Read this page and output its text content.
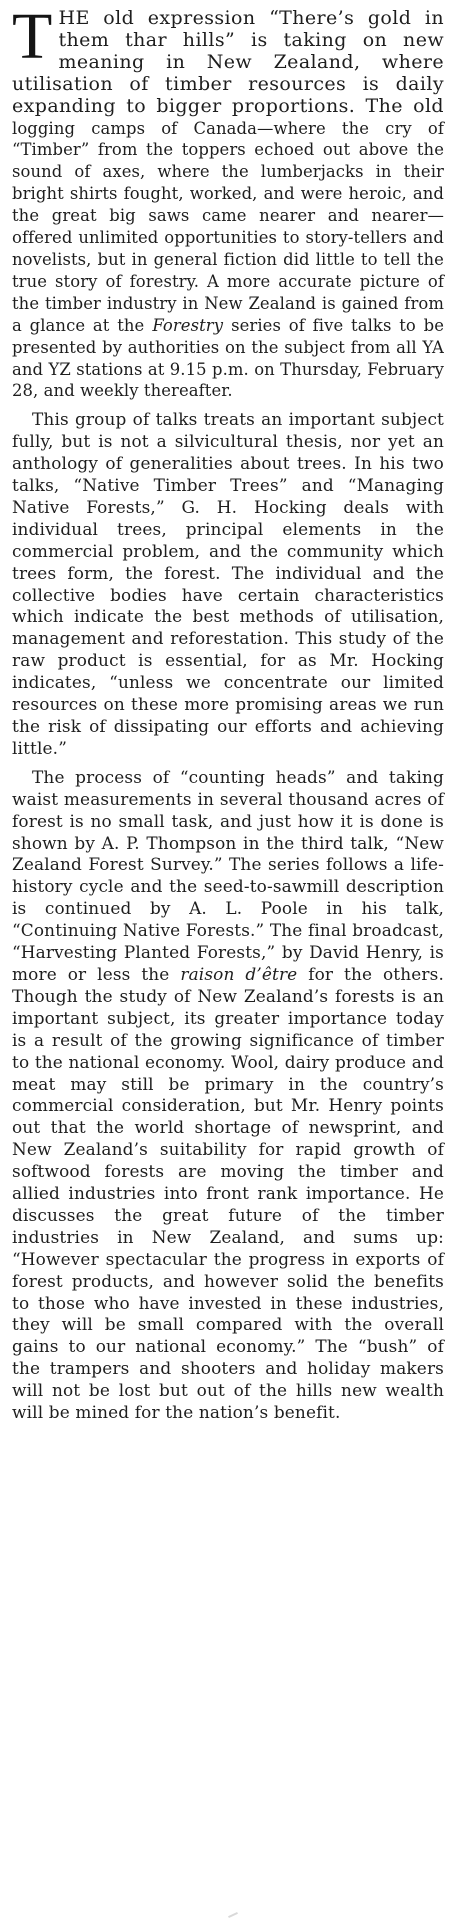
THE old expression “There’s gold in them thar hills” is taking on new meaning in New Zealand, where utilisation of timber resources is daily expanding to bigger proportions. The old logging camps of Canada—where the cry of “Timber” from the toppers echoed out above the sound of axes, where the lumberjacks in their bright shirts fought, worked, and were heroic, and the great big saws came nearer and nearer—offered unlimited opportunities to story-tellers and novelists, but in general fiction did little to tell the true story of forestry. A more accurate picture of the timber industry in New Zealand is gained from a glance at the Forestry series of five talks to be presented by authorities on the subject from all YA and YZ stations at 9.15 p.m. on Thursday, February 28, and weekly thereafter.

This group of talks treats an important subject fully, but is not a silvicultural thesis, nor yet an anthology of generalities about trees. In his two talks, “Native Timber Trees” and “Managing Native Forests,” G. H. Hocking deals with individual trees, principal elements in the commercial problem, and the community which trees form, the forest. The individual and the collective bodies have certain characteristics which indicate the best methods of utilisation, management and reforestation. This study of the raw product is essential, for as Mr. Hocking indicates, “unless we concentrate our limited resources on these more promising areas we run the risk of dissipating our efforts and achieving little.”

The process of “counting heads” and taking waist measurements in several thousand acres of forest is no small task, and just how it is done is shown by A. P. Thompson in the third talk, “New Zealand Forest Survey.” The series follows a life-history cycle and the seed-to-sawmill description is continued by A. L. Poole in his talk, “Continuing Native Forests.” The final broadcast, “Harvesting Planted Forests,” by David Henry, is more or less the raison d’être for the others. Though the study of New Zealand’s forests is an important subject, its greater importance today is a result of the growing significance of timber to the national economy. Wool, dairy produce and meat may still be primary in the country’s commercial consideration, but Mr. Henry points out that the world shortage of newsprint, and New Zealand’s suitability for rapid growth of softwood forests are moving the timber and allied industries into front rank importance. He discusses the great future of the timber industries in New Zealand, and sums up: “However spectacular the progress in exports of forest products, and however solid the benefits to those who have invested in these industries, they will be small compared with the overall gains to our national economy.” The “bush” of the trampers and shooters and holiday makers will not be lost but out of the hills new wealth will be mined for the nation’s benefit.
